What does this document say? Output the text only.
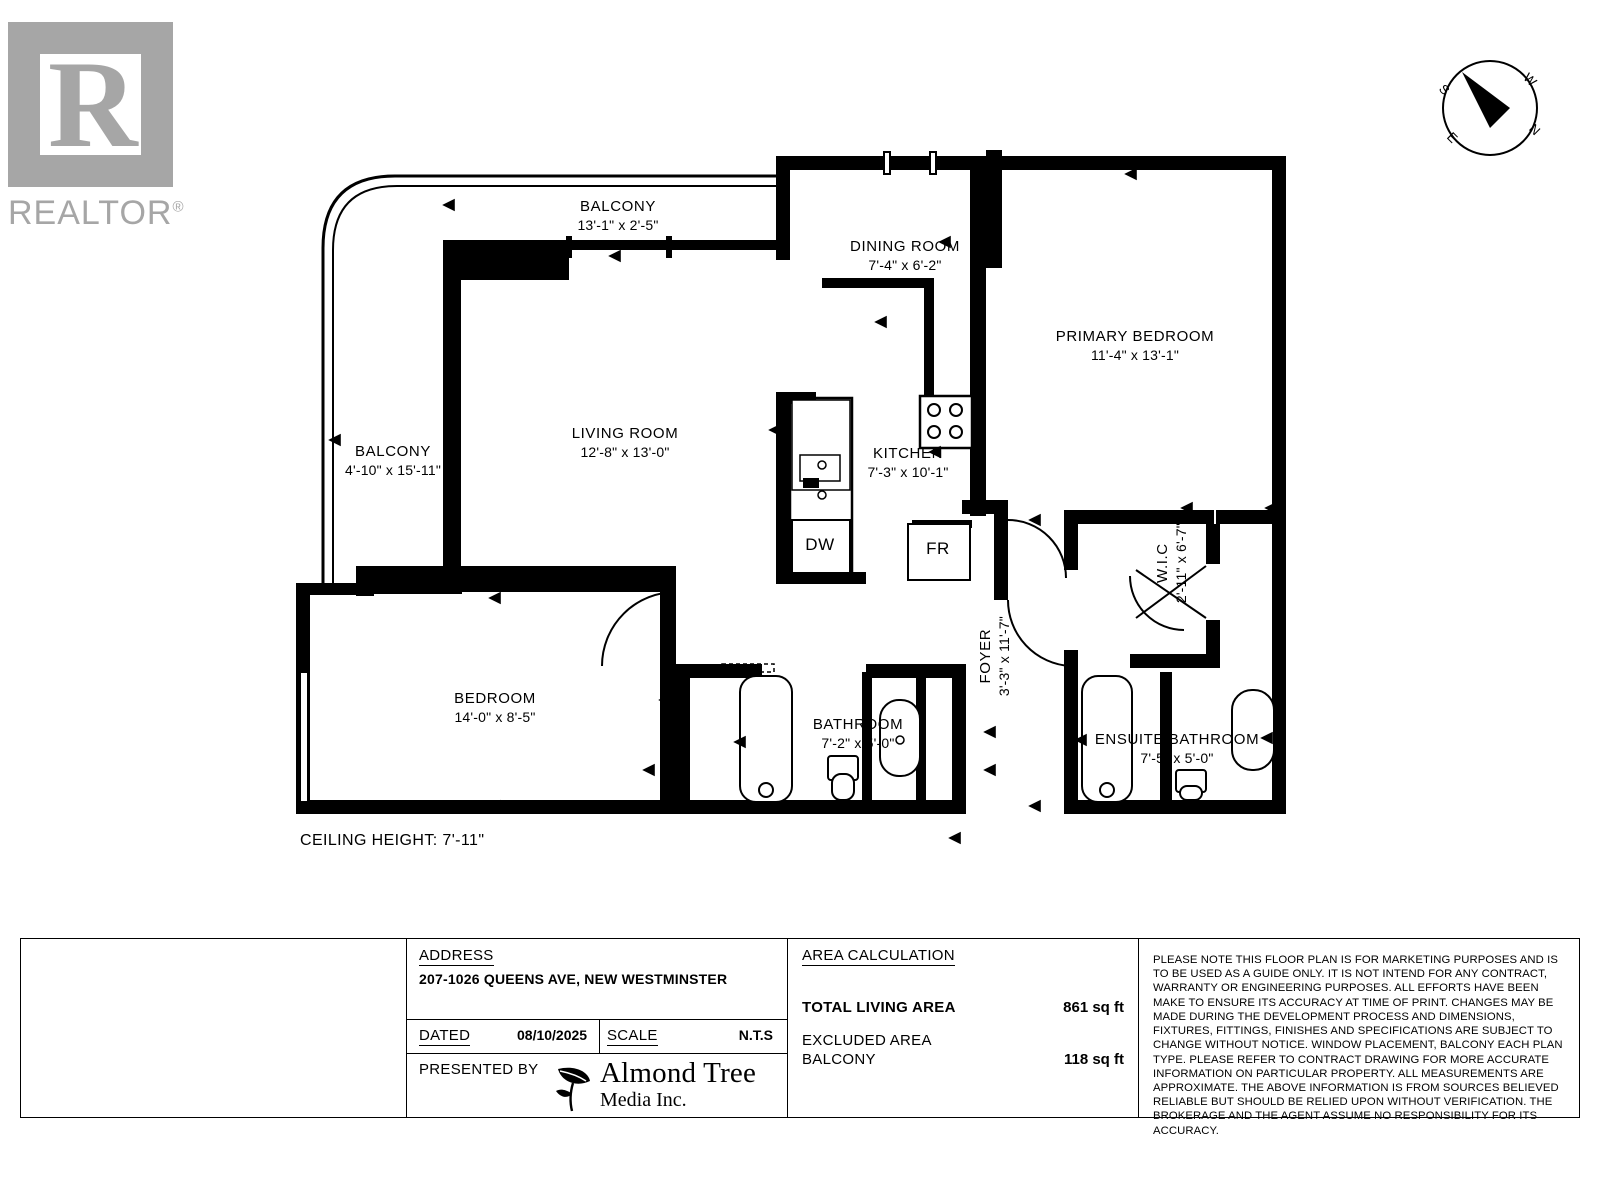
R
REALTOR®
N
S
E
W
BALCONY
13'-1" x 2'-5"
BALCONY
4'-10" x 15'-11"
DINING ROOM
7'-4" x 6'-2"
PRIMARY BEDROOM
11'-4" x 13'-1"
LIVING ROOM
12'-8" x 13'-0"	KITCHEN
7'-3" x 10'-1"
W.I.C 2'-11" x 6'-7"
FOYER 3'-3" x 11'-7"
BEDROOM
14'-0" x 8'-5"	BATHROOM
7'-2" x 5'-0"	ENSUITE BATHROOM
7'-5" x 5'-0"
DW	FR
CEILING HEIGHT: 7'-11"
ADDRESS
207-1026 QUEENS AVE, NEW WESTMINSTER
DATED	08/10/2025 SCALE	N.T.S
PRESENTED BY Almond Tree
Media Inc.
AREA CALCULATION
TOTAL LIVING AREA	861 sq ft
EXCLUDED AREA
BALCONY	118 sq ft
PLEASE NOTE THIS FLOOR PLAN IS FOR MARKETING PURPOSES AND IS TO BE USED AS A GUIDE ONLY. IT IS NOT INTEND FOR ANY CONTRACT, WARRANTY OR ENGINEERING PURPOSES. ALL EFFORTS HAVE BEEN MAKE TO ENSURE ITS ACCURACY AT TIME OF PRINT. CHANGES MAY BE MADE DURING THE DEVELOPMENT PROCESS AND DIMENSIONS, FIXTURES, FITTINGS, FINISHES AND SPECIFICATIONS ARE SUBJECT TO CHANGE WITHOUT NOTICE. WINDOW PLACEMENT, BALCONY EACH PLAN TYPE. PLEASE REFER TO CONTRACT DRAWING FOR MORE ACCURATE INFORMATION ON PARTICULAR PROPERTY. ALL MEASUREMENTS ARE APPROXIMATE. THE ABOVE INFORMATION IS FROM SOURCES BELIEVED RELIABLE BUT SHOULD BE RELIED UPON WITHOUT VERIFICATION. THE BROKERAGE AND THE AGENT ASSUME NO RESPONSIBILITY FOR ITS ACCURACY.
